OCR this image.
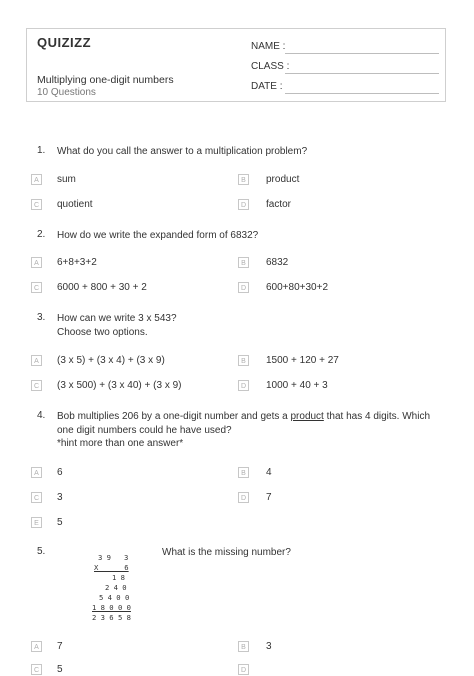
QUIZIZZ
Multiplying one-digit numbers
10 Questions
NAME :
CLASS :
DATE :
1. What do you call the answer to a multiplication problem?
A	sum	B	product
C quotient	D factor
2. How do we write the expanded form of 6832?
A	6+8+3+2	B	6832
C 6000 + 800 + 30 + 2	D 600+80+30+2
3. How can we write 3 x 543?
Choose two options.
A	(3 x 5) + (3 x 4) + (3 x 9)	B	1500 + 120 + 27
C (3 x 500) + (3 x 40) + (3 x 9)	D 1000 + 40 + 3
4. Bob multiplies 206 by a one-digit number and gets a product that has 4 digits. Which
one digit numbers could he have used?
*hint more than one answer*
A	6	B	4
C 3	D 7
E	5
5.	What is the missing number?
3 9   3
X      6
1 8
2 4 0
5 4 0 0
1 8 0 0 0
2 3 6 5 8
A	7	B	3
C 5	D
